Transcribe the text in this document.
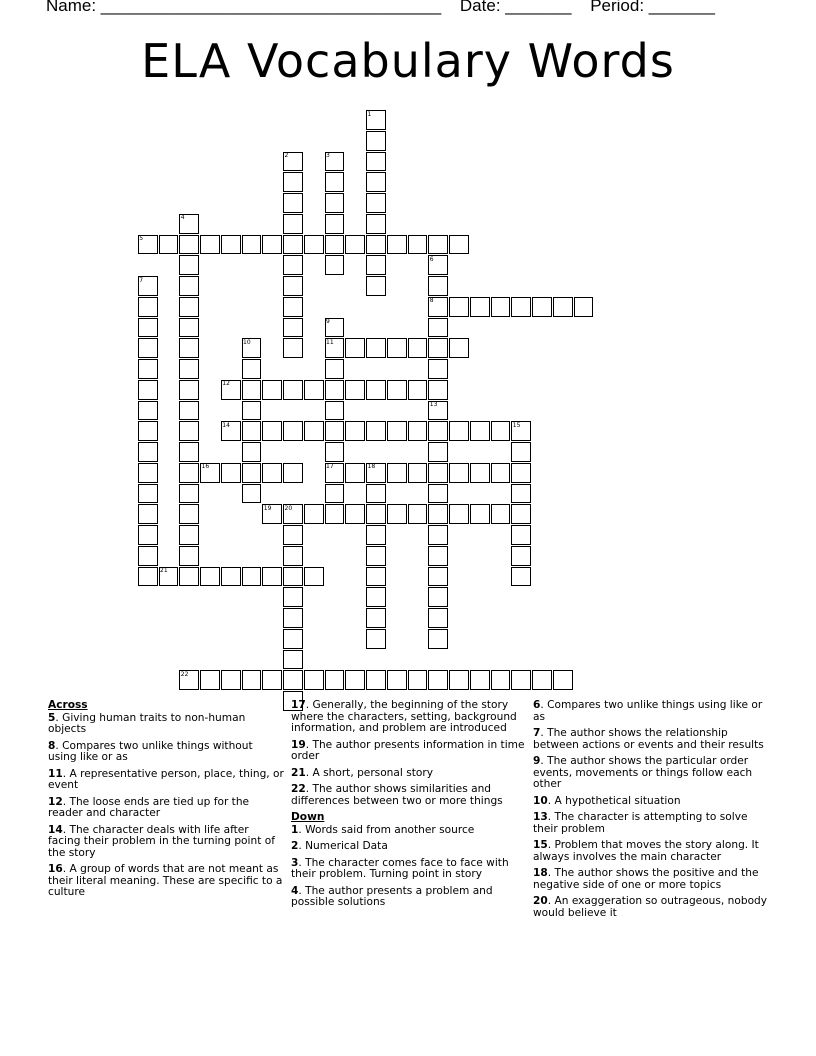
Name: ____________________________________ Date: _______ Period: _______
ELA Vocabulary Words
1
2	3
4
5
6
7
8
9
10	11
12
13
14	15
16	17	18
19 20
21
22
Across
5. Giving human traits to non-human objects
8. Compares two unlike things without using like or as
11. A representative person, place, thing, or event
12. The loose ends are tied up for the reader and character
14. The character deals with life after facing their problem in the turning point of the story
16. A group of words that are not meant as their literal meaning. These are specific to a culture
17. Generally, the beginning of the story where the characters, setting, background information, and problem are introduced
19. The author presents information in time order
21. A short, personal story
22. The author shows similarities and differences between two or more things
Down
1. Words said from another source
2. Numerical Data
3. The character comes face to face with their problem. Turning point in story
4. The author presents a problem and possible solutions
6. Compares two unlike things using like or as
7. The author shows the relationship between actions or events and their results
9. The author shows the particular order events, movements or things follow each other
10. A hypothetical situation
13. The character is attempting to solve their problem
15. Problem that moves the story along. It always involves the main character
18. The author shows the positive and the negative side of one or more topics
20. An exaggeration so outrageous, nobody would believe it
